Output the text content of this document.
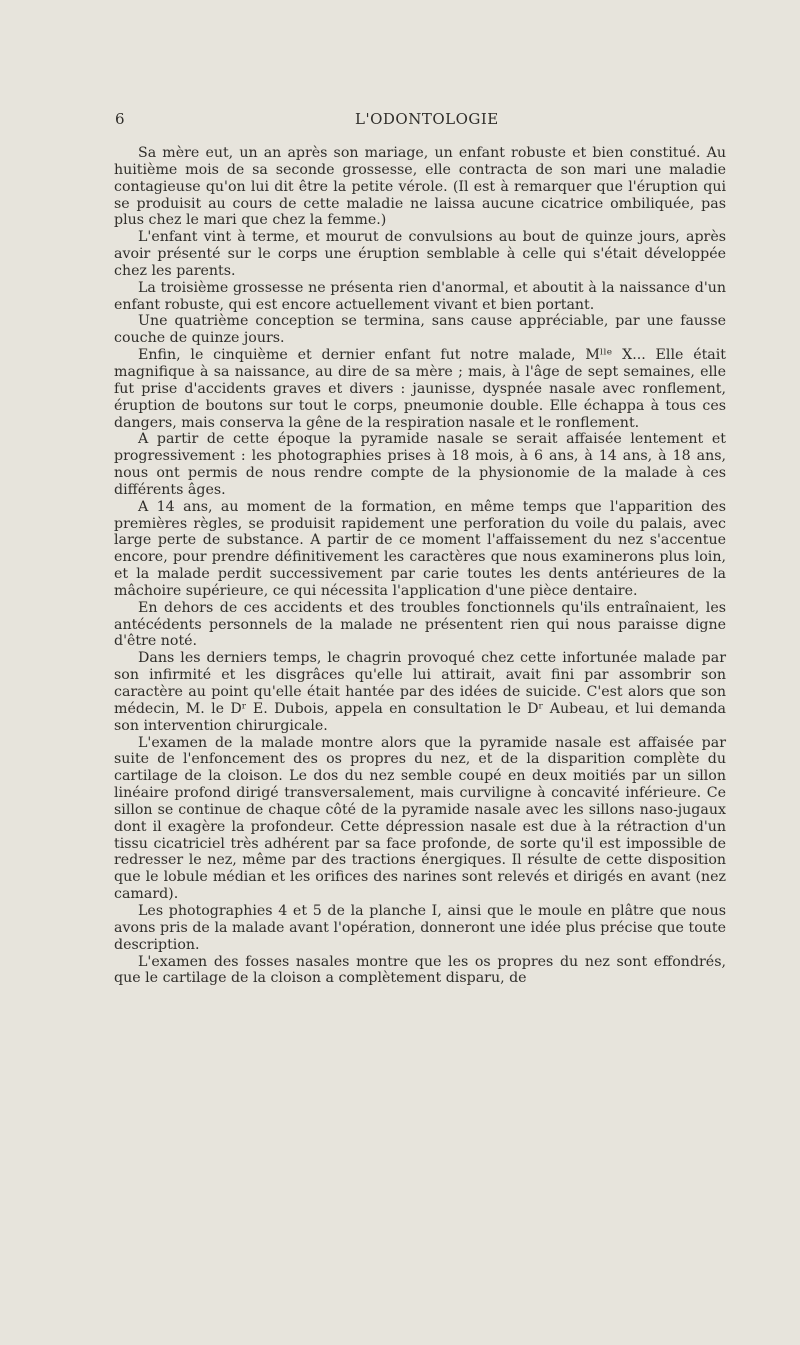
6	L'ODONTOLOGIE

Sa mère eut, un an après son mariage, un enfant robuste et bien constitué. Au huitième mois de sa seconde grossesse, elle contracta de son mari une maladie contagieuse qu'on lui dit être la petite vérole. (Il est à remarquer que l'éruption qui se produisit au cours de cette maladie ne laissa aucune cicatrice ombiliquée, pas plus chez le mari que chez la femme.)

L'enfant vint à terme, et mourut de convulsions au bout de quinze jours, après avoir présenté sur le corps une éruption semblable à celle qui s'était développée chez les parents.

La troisième grossesse ne présenta rien d'anormal, et aboutit à la naissance d'un enfant robuste, qui est encore actuellement vivant et bien portant.

Une quatrième conception se termina, sans cause appréciable, par une fausse couche de quinze jours.

Enfin, le cinquième et dernier enfant fut notre malade, Mˡˡᵉ X... Elle était magnifique à sa naissance, au dire de sa mère ; mais, à l'âge de sept semaines, elle fut prise d'accidents graves et divers : jaunisse, dyspnée nasale avec ronflement, éruption de boutons sur tout le corps, pneumonie double. Elle échappa à tous ces dangers, mais conserva la gêne de la respiration nasale et le ronflement.

A partir de cette époque la pyramide nasale se serait affaisée lentement et progressivement : les photographies prises à 18 mois, à 6 ans, à 14 ans, à 18 ans, nous ont permis de nous rendre compte de la physionomie de la malade à ces différents âges.

A 14 ans, au moment de la formation, en même temps que l'apparition des premières règles, se produisit rapidement une perforation du voile du palais, avec large perte de substance. A partir de ce moment l'affaissement du nez s'accentue encore, pour prendre définitivement les caractères que nous examinerons plus loin, et la malade perdit successivement par carie toutes les dents antérieures de la mâchoire supérieure, ce qui nécessita l'application d'une pièce dentaire.

En dehors de ces accidents et des troubles fonctionnels qu'ils entraînaient, les antécédents personnels de la malade ne présentent rien qui nous paraisse digne d'être noté.

Dans les derniers temps, le chagrin provoqué chez cette infortunée malade par son infirmité et les disgrâces qu'elle lui attirait, avait fini par assombrir son caractère au point qu'elle était hantée par des idées de suicide. C'est alors que son médecin, M. le Dʳ E. Dubois, appela en consultation le Dʳ Aubeau, et lui demanda son intervention chirurgicale.

L'examen de la malade montre alors que la pyramide nasale est affaisée par suite de l'enfoncement des os propres du nez, et de la disparition complète du cartilage de la cloison. Le dos du nez semble coupé en deux moitiés par un sillon linéaire profond dirigé transversalement, mais curviligne à concavité inférieure. Ce sillon se continue de chaque côté de la pyramide nasale avec les sillons naso-jugaux dont il exagère la profondeur. Cette dépression nasale est due à la rétraction d'un tissu cicatriciel très adhérent par sa face profonde, de sorte qu'il est impossible de redresser le nez, même par des tractions énergiques. Il résulte de cette disposition que le lobule médian et les orifices des narines sont relevés et dirigés en avant (nez camard).

Les photographies 4 et 5 de la planche I, ainsi que le moule en plâtre que nous avons pris de la malade avant l'opération, donneront une idée plus précise que toute description.

L'examen des fosses nasales montre que les os propres du nez sont effondrés, que le cartilage de la cloison a complètement disparu, de
